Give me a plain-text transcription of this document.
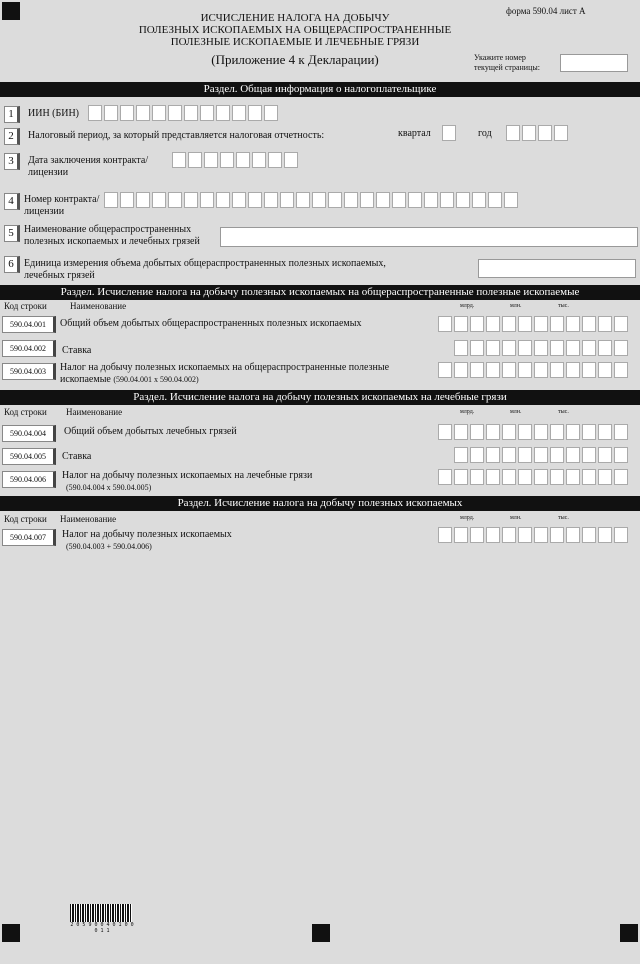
форма 590.04 лист А
ИСЧИСЛЕНИЕ НАЛОГА НА ДОБЫЧУ
ПОЛЕЗНЫХ ИСКОПАЕМЫХ НА ОБЩЕРАСПРОСТРАНЕННЫЕ
ПОЛЕЗНЫЕ ИСКОПАЕМЫЕ И ЛЕЧЕБНЫЕ ГРЯЗИ
(Приложение 4 к Декларации)	Укажите номер
текущей страницы:
Раздел. Общая информация о налогоплательщике
1	ИИН (БИН)
2	Налоговый период, за который представляется налоговая отчетность:	квартал	год
3	Дата заключения контракта/
лицензии
4	Номер контракта/
лицензии
5	Наименование общераспространенных
полезных ископаемых и лечебных грязей
6	Единица измерения объема добытых общераспространенных полезных ископаемых,
лечебных грязей
Раздел. Исчисление налога на добычу полезных ископаемых на общераспространенные полезные ископаемые
Код строки	Наименование	млрд.	млн.	тыс.
590.04.001	Общий объем добытых общераспространенных полезных ископаемых
590.04.002	Ставка
590.04.003	Налог на добычу полезных ископаемых на общераспространенные полезные
ископаемые (590.04.001 x 590.04.002)
Раздел. Исчисление налога на добычу полезных ископаемых на лечебные грязи
Код строки Наименование	млрд.	млн.	тыс.
590.04.004	Общий объем добытых лечебных грязей
590.04.005	Ставка
590.04.006	Налог на добычу полезных ископаемых на лечебные грязи
(590.04.004 x 590.04.005)
Раздел. Исчисление налога на добычу полезных ископаемых
Код строки Наименование	млрд.	млн.	тыс.
590.04.007	Налог на добычу полезных ископаемых
(590.04.003 + 590.04.006)
2 0 5 9 0 0 4 0 1 0 0 0 1 1
